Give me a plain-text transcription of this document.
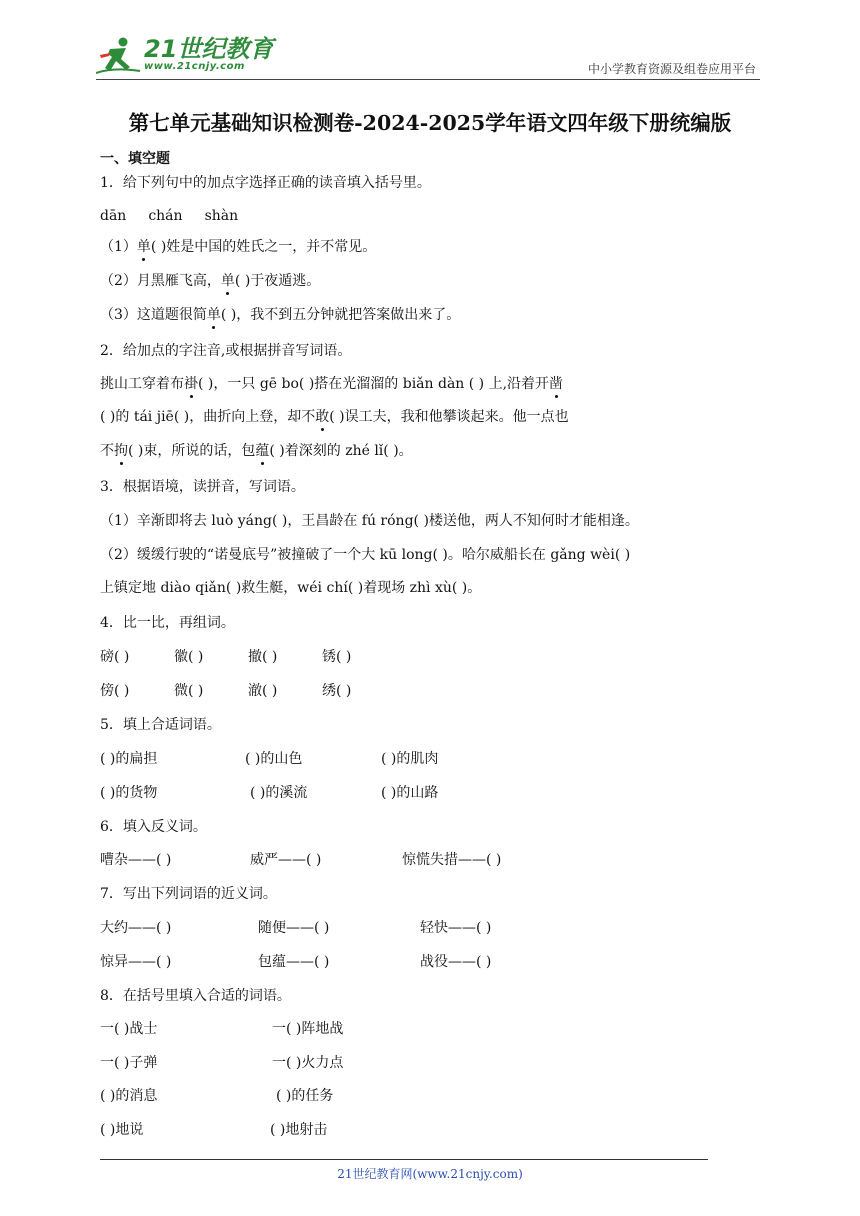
21世纪教育
www.21cnjy.com	中小学教育资源及组卷应用平台
第七单元基础知识检测卷-2024-2025学年语文四年级下册统编版
一、填空题
1．给下列句中的加点字选择正确的读音填入括号里。
dān chán shàn
（1）单( )姓是中国的姓氏之一，并不常见。
（2）月黑雁飞高，单( )于夜遁逃。
（3）这道题很简单( )，我不到五分钟就把答案做出来了。
2．给加点的字注音,或根据拼音写词语。
挑山工穿着布褂( )，一只 gē bo( )搭在光溜溜的 biǎn dàn ( ) 上,沿着开凿
( )的 tái jiē( )，曲折向上登，却不敢( )误工夫，我和他攀谈起来。他一点也
不拘( )束，所说的话，包蕴( )着深刻的 zhé lǐ( )。
3．根据语境，读拼音，写词语。
（1）辛渐即将去 luò yáng( )，王昌龄在 fú róng( )楼送他，两人不知何时才能相逢。
（2）缓缓行驶的“诺曼底号”被撞破了一个大 kū long( )。哈尔威船长在 gǎng wèi( )
上镇定地 diào qiǎn( )救生艇，wéi chí( )着现场 zhì xù( )。
4．比一比，再组词。
磅( )	徽( )	撤( )	锈( )
傍( )	微( )	澈( )	绣( )
5．填上合适词语。
( )的扁担	( )的山色	( )的肌肉
( )的货物	( )的溪流	( )的山路
6．填入反义词。
嘈杂——( )	威严——( )	惊慌失措——( )
7．写出下列词语的近义词。
大约——( )	随便——( )	轻快——( )
惊异——( )	包蕴——( )	战役——( )
8．在括号里填入合适的词语。
一( )战士	一( )阵地战
一( )子弹	一( )火力点
( )的消息	( )的任务
( )地说	( )地射击
21世纪教育网(www.21cnjy.com)
